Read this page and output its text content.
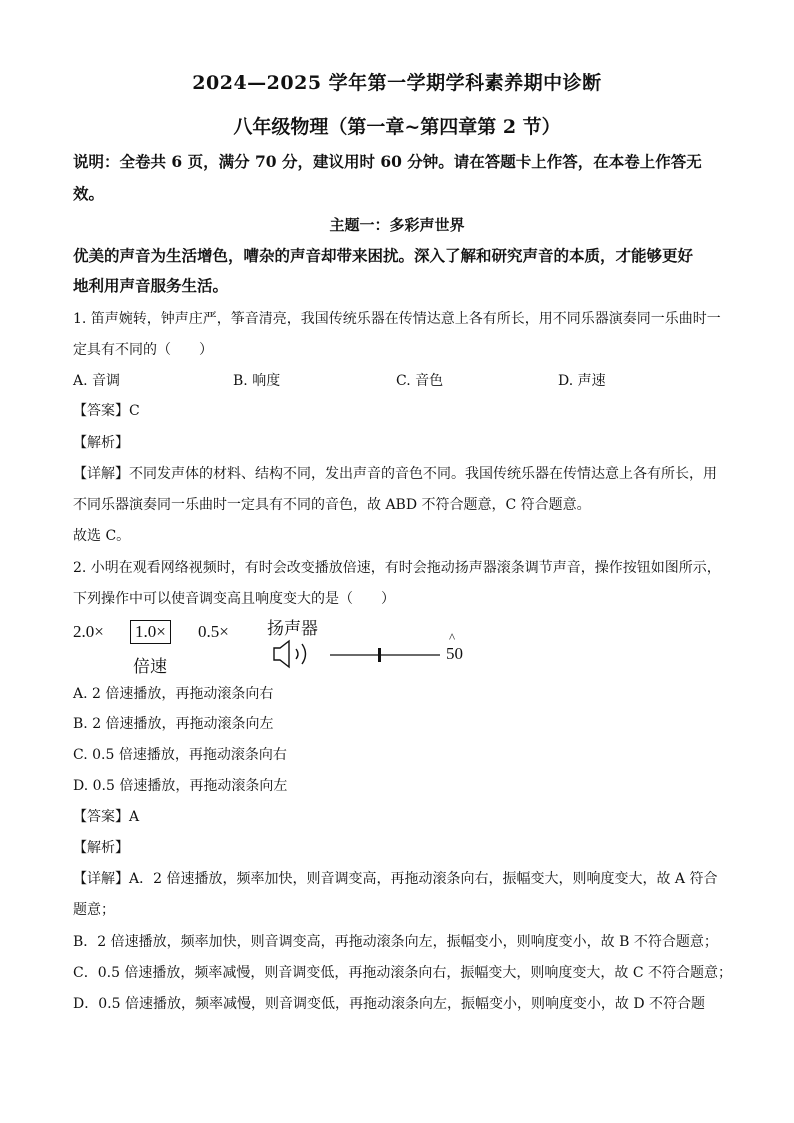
2024—2025 学年第一学期学科素养期中诊断
八年级物理（第一章~第四章第 2 节）
说明：全卷共 6 页，满分 70 分，建议用时 60 分钟。请在答题卡上作答，在本卷上作答无
效。
主题一：多彩声世界
优美的声音为生活增色，嘈杂的声音却带来困扰。深入了解和研究声音的本质，才能够更好
地利用声音服务生活。
1. 笛声婉转，钟声庄严，筝音清亮，我国传统乐器在传情达意上各有所长，用不同乐器演奏同一乐曲时一
定具有不同的（　　）
A. 音调	B. 响度	C. 音色	D. 声速
【答案】C
【解析】
【详解】不同发声体的材料、结构不同，发出声音的音色不同。我国传统乐器在传情达意上各有所长，用
不同乐器演奏同一乐曲时一定具有不同的音色，故 ABD 不符合题意，C 符合题意。
故选 C。
2. 小明在观看网络视频时，有时会改变播放倍速，有时会拖动扬声器滚条调节声音，操作按钮如图所示，
下列操作中可以使音调变高且响度变大的是（　　）
2.0× 1.0× 0.5×
倍速
扬声器	^
50
A. 2 倍速播放，再拖动滚条向右
B. 2 倍速播放，再拖动滚条向左
C. 0.5 倍速播放，再拖动滚条向右
D. 0.5 倍速播放，再拖动滚条向左
【答案】A
【解析】
【详解】A．2 倍速播放，频率加快，则音调变高，再拖动滚条向右，振幅变大，则响度变大，故 A 符合
题意；
B．2 倍速播放，频率加快，则音调变高，再拖动滚条向左，振幅变小，则响度变小，故 B 不符合题意；
C．0.5 倍速播放，频率减慢，则音调变低，再拖动滚条向右，振幅变大，则响度变大，故 C 不符合题意；
D．0.5 倍速播放，频率减慢，则音调变低，再拖动滚条向左，振幅变小，则响度变小，故 D 不符合题
